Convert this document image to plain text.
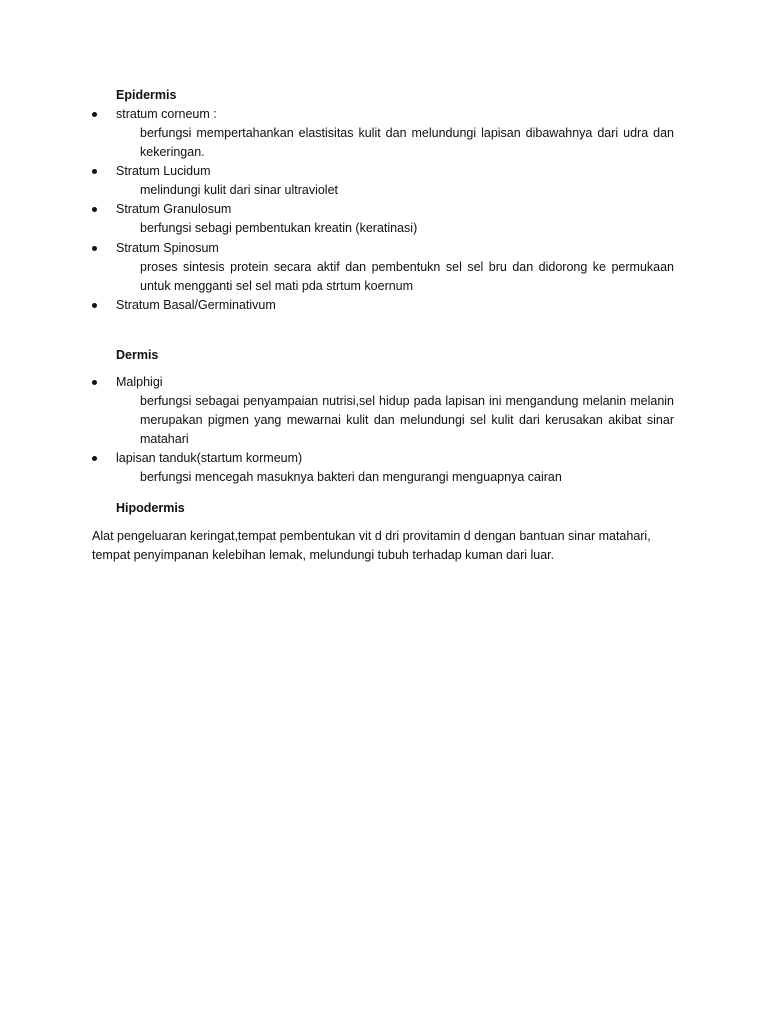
Epidermis
stratum corneum :
berfungsi mempertahankan elastisitas kulit dan melundungi lapisan dibawahnya dari udra dan kekeringan.
Stratum Lucidum
melindungi kulit dari sinar ultraviolet
Stratum Granulosum
berfungsi sebagi pembentukan kreatin (keratinasi)
Stratum Spinosum
proses sintesis protein secara aktif dan pembentukn sel sel bru dan didorong ke permukaan untuk mengganti sel sel mati pda strtum koernum
Stratum Basal/Germinativum
Dermis
Malphigi
berfungsi sebagai penyampaian nutrisi,sel hidup pada lapisan ini mengandung melanin melanin merupakan pigmen yang mewarnai kulit dan melundungi sel kulit dari kerusakan akibat sinar matahari
lapisan tanduk(startum kormeum)
berfungsi mencegah masuknya bakteri dan mengurangi menguapnya cairan
Hipodermis
Alat pengeluaran keringat,tempat pembentukan vit d dri provitamin d dengan bantuan sinar matahari, tempat penyimpanan kelebihan lemak, melundungi tubuh terhadap kuman dari luar.
